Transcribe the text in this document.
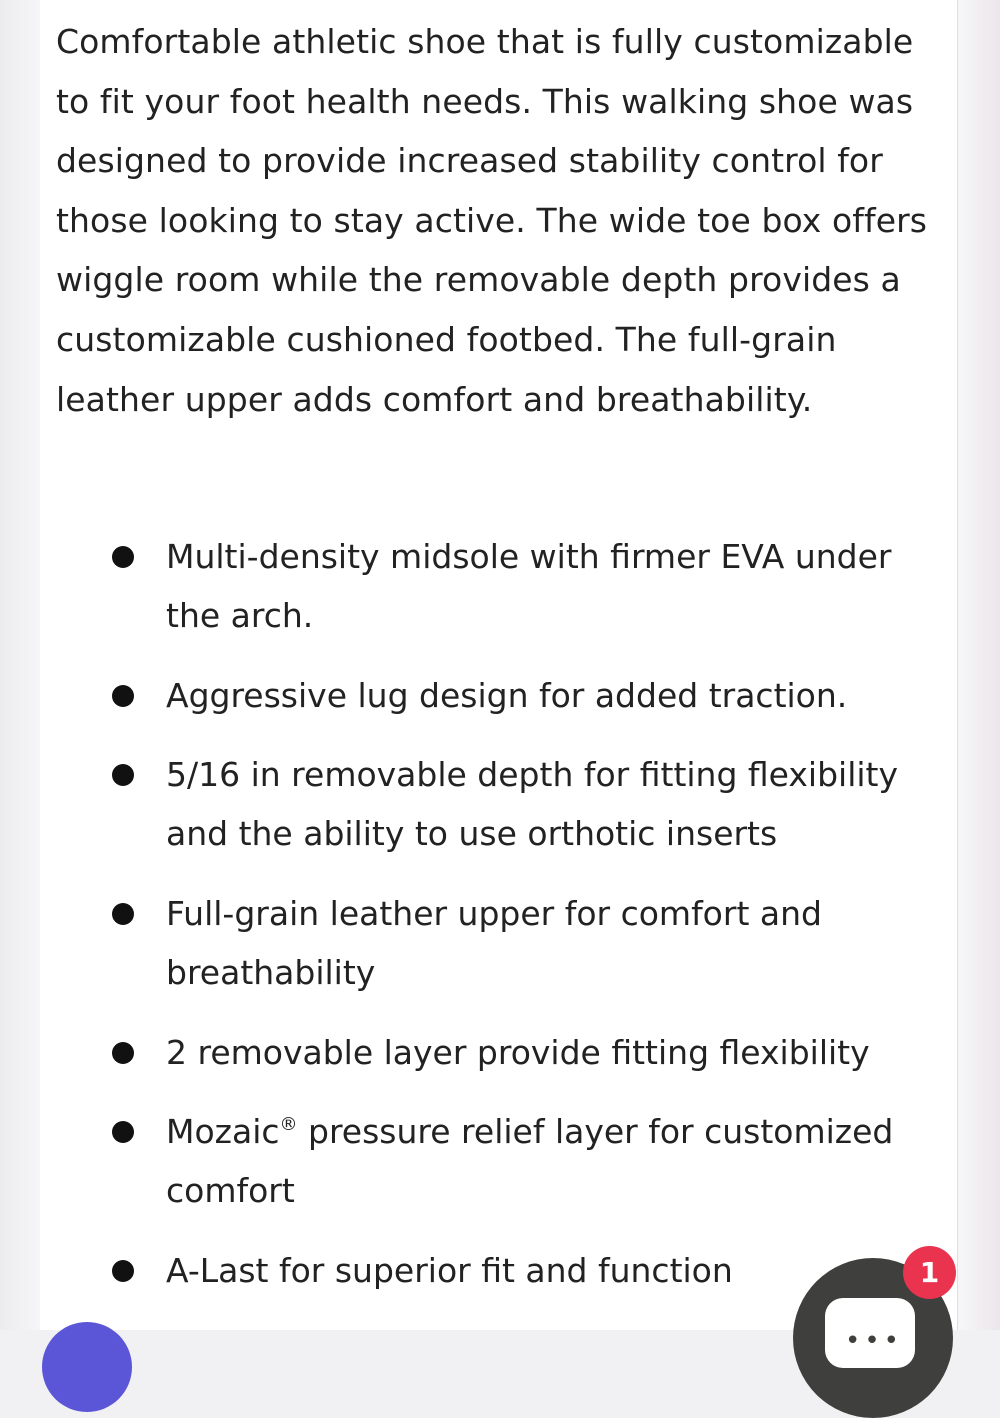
Comfortable athletic shoe that is fully customizable to fit your foot health needs. This walking shoe was designed to provide increased stability control for those looking to stay active. The wide toe box offers wiggle room while the removable depth provides a customizable cushioned footbed. The full-grain leather upper adds comfort and breathability.

Multi-density midsole with firmer EVA under the arch.
Aggressive lug design for added traction.
5/16 in removable depth for fitting flexibility and the ability to use orthotic inserts
Full-grain leather upper for comfort and breathability
2 removable layer provide fitting flexibility
Mozaic® pressure relief layer for customized comfort
A-Last for superior fit and function
•••
1
